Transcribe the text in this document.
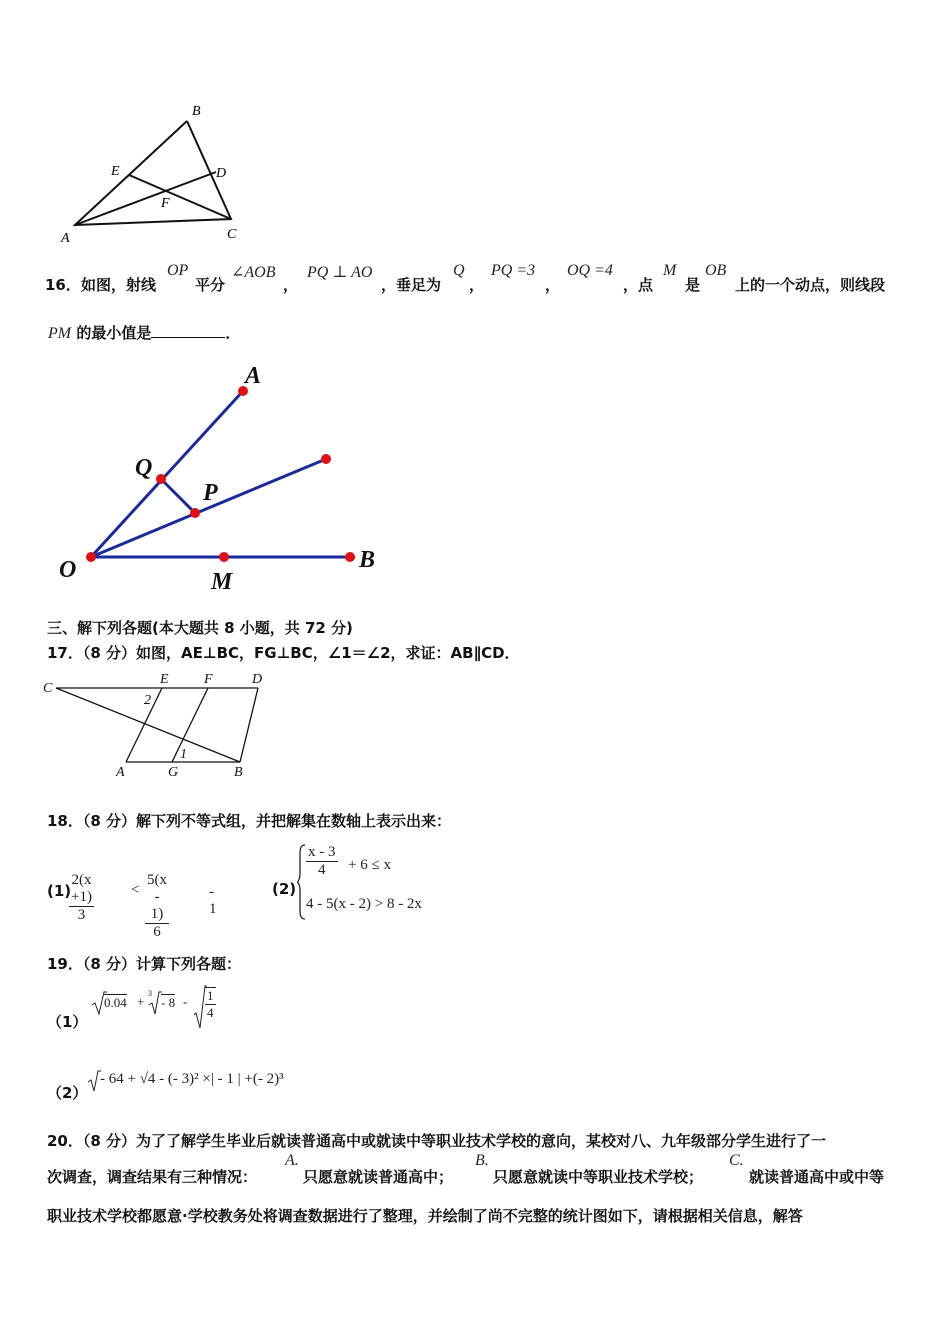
B
E	D
F
A	C
16． 如图，射线
OP
平分
∠AOB
，
PQ ⊥ AO
，垂足为
Q
，
PQ =3
，
OQ =4
，点
M
是
OB
上的一个动点，则线段
PM 的最小值是	．
A
Q
P
O	M
B
三、解下列各题(本大题共 8 小题，共 72 分)
17．（8 分）如图，AE⊥BC，FG⊥BC，∠1＝∠2，求证：AB∥CD．
C
E	F	D
2
1
A	G	B
18．（8 分）解下列不等式组，并把解集在数轴上表示出来：
(1)
$\frac{2(x +1)}{3} < \frac{5(x - 1)}{6}$	- 1
(2)
$\frac{x - 3}{4} + 6 \le x$
4 - 5(x - 2) > 8 - 2x
19．（8 分）计算下列各题：
（1）
0.04 +
3
- $8 - \frac{1}{4}$
（2）
- 64 + √4 - (- 3)² ×| - 1 | +(- 2)³
20．（8 分）为了了解学生毕业后就读普通高中或就读中等职业技术学校的意向，某校对八、九年级部分学生进行了一
次调查，调查结果有三种情况：
A.
只愿意就读普通高中；
B.
只愿意就读中等职业技术学校；
C.
就读普通高中或中等
职业技术学校都愿意·学校教务处将调查数据进行了整理，并绘制了尚不完整的统计图如下，请根据相关信息，解答
